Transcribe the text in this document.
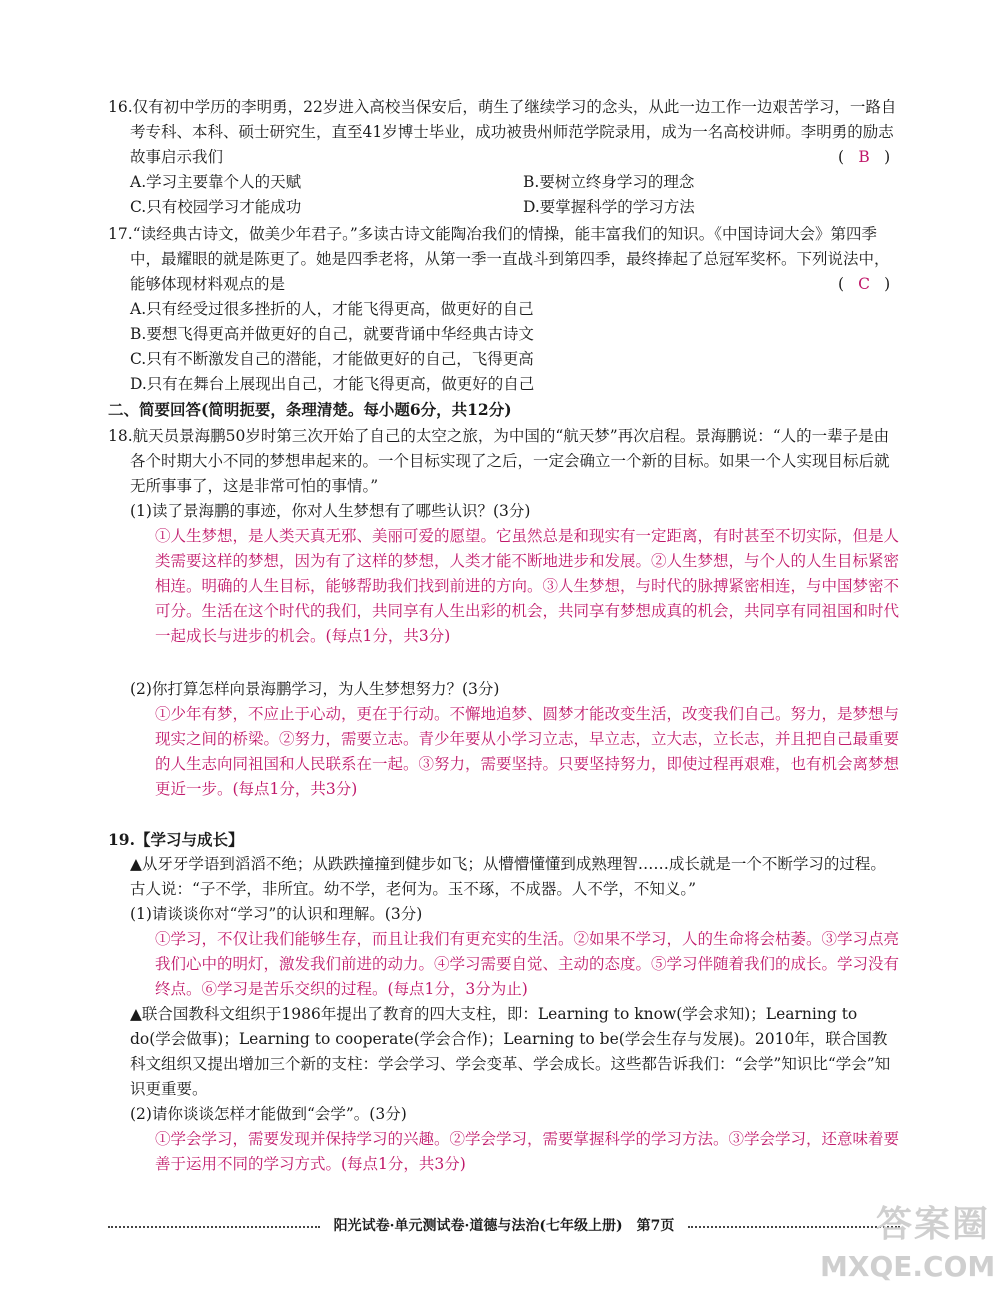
16.仅有初中学历的李明勇，22岁进入高校当保安后，萌生了继续学习的念头，从此一边工作一边艰苦学习，一路自考专科、本科、硕士研究生，直至41岁博士毕业，成功被贵州师范学院录用，成为一名高校讲师。李明勇的励志故事启示我们	( B )
A.学习主要靠个人的天赋	B.要树立终身学习的理念
C.只有校园学习才能成功	D.要掌握科学的学习方法

17.“读经典古诗文，做美少年君子。”多读古诗文能陶冶我们的情操，能丰富我们的知识。《中国诗词大会》第四季中，最耀眼的就是陈更了。她是四季老将，从第一季一直战斗到第四季，最终捧起了总冠军奖杯。下列说法中，能够体现材料观点的是	( C )
A.只有经受过很多挫折的人，才能飞得更高，做更好的自己
B.要想飞得更高并做更好的自己，就要背诵中华经典古诗文
C.只有不断激发自己的潜能，才能做更好的自己，飞得更高
D.只有在舞台上展现出自己，才能飞得更高，做更好的自己
二、简要回答(简明扼要，条理清楚。每小题6分，共12分)

18.航天员景海鹏50岁时第三次开始了自己的太空之旅，为中国的“航天梦”再次启程。景海鹏说：“人的一辈子是由各个时期大小不同的梦想串起来的。一个目标实现了之后，一定会确立一个新的目标。如果一个人实现目标后就无所事事了，这是非常可怕的事情。”

(1)读了景海鹏的事迹，你对人生梦想有了哪些认识？(3分)

①人生梦想，是人类天真无邪、美丽可爱的愿望。它虽然总是和现实有一定距离，有时甚至不切实际，但是人类需要这样的梦想，因为有了这样的梦想，人类才能不断地进步和发展。②人生梦想，与个人的人生目标紧密相连。明确的人生目标，能够帮助我们找到前进的方向。③人生梦想，与时代的脉搏紧密相连，与中国梦密不可分。生活在这个时代的我们，共同享有人生出彩的机会，共同享有梦想成真的机会，共同享有同祖国和时代一起成长与进步的机会。(每点1分，共3分)

(2)你打算怎样向景海鹏学习，为人生梦想努力？(3分)

①少年有梦，不应止于心动，更在于行动。不懈地追梦、圆梦才能改变生活，改变我们自己。努力，是梦想与现实之间的桥梁。②努力，需要立志。青少年要从小学习立志，早立志，立大志，立长志，并且把自己最重要的人生志向同祖国和人民联系在一起。③努力，需要坚持。只要坚持努力，即使过程再艰难，也有机会离梦想更近一步。(每点1分，共3分)

19.【学习与成长】

▲从牙牙学语到滔滔不绝；从跌跌撞撞到健步如飞；从懵懵懂懂到成熟理智……成长就是一个不断学习的过程。古人说：“子不学，非所宜。幼不学，老何为。玉不琢，不成器。人不学，不知义。”

(1)请谈谈你对“学习”的认识和理解。(3分)

①学习，不仅让我们能够生存，而且让我们有更充实的生活。②如果不学习，人的生命将会枯萎。③学习点亮我们心中的明灯，激发我们前进的动力。④学习需要自觉、主动的态度。⑤学习伴随着我们的成长。学习没有终点。⑥学习是苦乐交织的过程。(每点1分，3分为止)

▲联合国教科文组织于1986年提出了教育的四大支柱，即：Learning to know(学会求知)；Learning to do(学会做事)；Learning to cooperate(学会合作)；Learning to be(学会生存与发展)。2010年，联合国教科文组织又提出增加三个新的支柱：学会学习、学会变革、学会成长。这些都告诉我们：“会学”知识比“学会”知识更重要。

(2)请你谈谈怎样才能做到“会学”。(3分)

①学会学习，需要发现并保持学习的兴趣。②学会学习，需要掌握科学的学习方法。③学会学习，还意味着要善于运用不同的学习方式。(每点1分，共3分)

阳光试卷·单元测试卷·道德与法治(七年级上册)　第7页	答案圈
MXQE.COM
